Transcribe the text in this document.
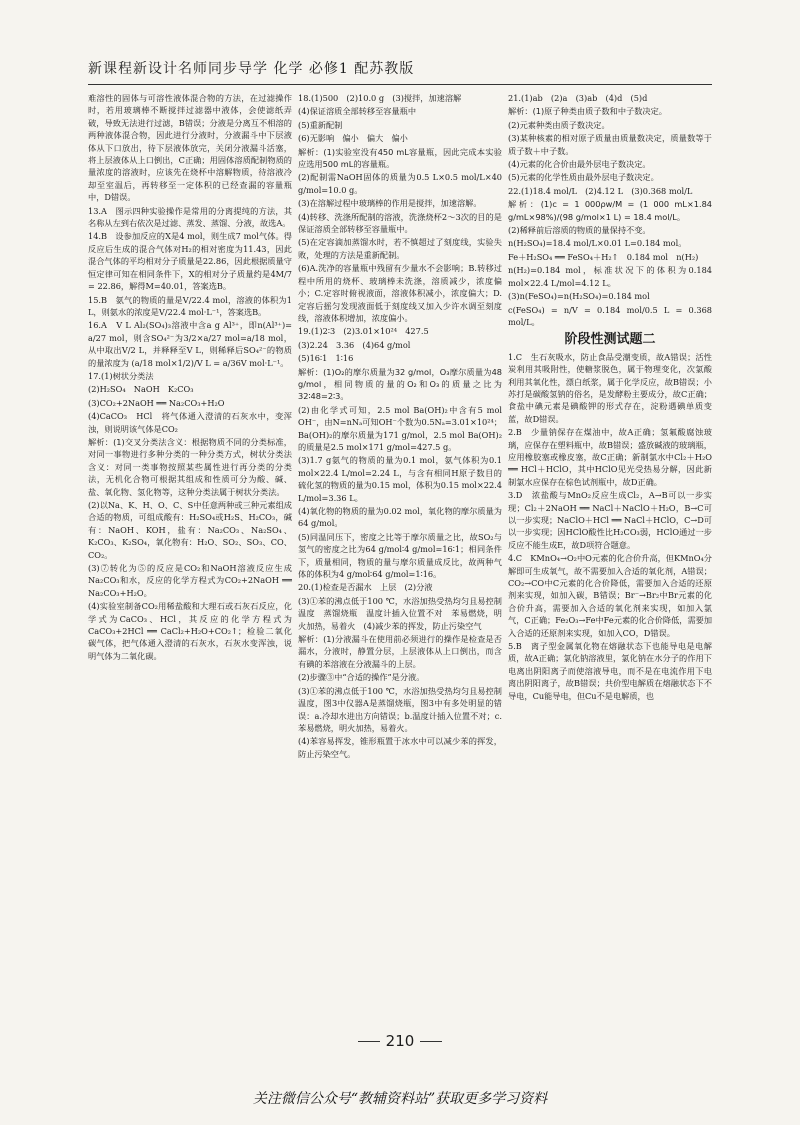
新课程新设计名师同步导学 化学 必修1 配苏教版

难溶性的固体与可溶性液体混合物的方法，在过滤操作时，若用玻璃棒不断搅拌过滤器中液体，会使滤纸弄破，导致无法进行过滤，B错误；分液是分离互不相溶的两种液体混合物，因此进行分液时，分液漏斗中下层液体从下口放出，待下层液体放完，关闭分液漏斗活塞，将上层液体从上口倒出，C正确；用固体溶质配制物质的量浓度的溶液时，应该先在烧杯中溶解物质，待溶液冷却至室温后，再转移至一定体积的已经查漏的容量瓶中，D错误。

13.A　图示四种实验操作是常用的分离提纯的方法，其名称从左到右依次是过滤、蒸发、蒸馏、分液，故选A。

14.B　设参加反应的X是4 mol，则生成7 mol气体。得反应后生成的混合气体对H₂的相对密度为11.43，因此混合气体的平均相对分子质量是22.86，因此根据质量守恒定律可知在相同条件下，X的相对分子质量约是4M/7 = 22.86，解得M=40.01，答案选B。

15.B　氨气的物质的量是V/22.4 mol，溶液的体积为1 L，则氨水的浓度是V/22.4 mol·L⁻¹，答案选B。

16.A　V L Al₂(SO₄)₃溶液中含a g Al³⁺，即n(Al³⁺)= a/27 mol，则含SO₄²⁻为3/2×a/27 mol=a/18 mol，从中取出V/2 L，并释释至V L，则稀释后SO₄²⁻的物质的量浓度为 (a/18 mol×1/2)/V L = a/36V mol·L⁻¹。

17.(1)树状分类法

(2)H₂SO₄　NaOH　K₂CO₃

(3)CO₂+2NaOH ══ Na₂CO₃+H₂O

(4)CaCO₃　HCl　将气体通入澄清的石灰水中，变浑浊，则说明该气体是CO₂

解析：(1)交叉分类法含义：根据物质不同的分类标准，对同一事物进行多种分类的一种分类方式，树状分类法含义：对同一类事物按照某些属性进行再分类的分类法，无机化合物可根据其组成和性质可分为酸、碱、盐、氧化物、氢化物等，这种分类法属于树状分类法。

(2)以Na、K、H、O、C、S中任意两种或三种元素组成合适的物质，可组成酸有：H₂SO₄或H₂S、H₂CO₃，碱有：NaOH、KOH，盐有：Na₂CO₃、Na₂SO₄、K₂CO₃、K₂SO₄，氧化物有：H₂O、SO₂、SO₃、CO、CO₂。

(3)⑦转化为⑤的反应是CO₂和NaOH溶液反应生成Na₂CO₃和水，反应的化学方程式为CO₂+2NaOH ══ Na₂CO₃+H₂O。

(4)实验室制备CO₂用稀盐酸和大理石或石灰石反应，化学式为CaCO₃、HCl，其反应的化学方程式为CaCO₃+2HCl ══ CaCl₂+H₂O+CO₂↑；检验二氧化碳气体，把气体通入澄清的石灰水，石灰水变浑浊，说明气体为二氧化碳。

18.(1)500　(2)10.0 g　(3)搅拌，加速溶解

(4)保证溶质全部转移至容量瓶中

(5)重新配制

(6)无影响　偏小　偏大　偏小

解析：(1)实验室没有450 mL容量瓶，因此完成本实验应选用500 mL的容量瓶。

(2)配制需NaOH固体的质量为0.5 L×0.5 mol/L×40 g/mol=10.0 g。

(3)在溶解过程中玻璃棒的作用是搅拌，加速溶解。

(4)转移、洗涤所配制的溶液，洗涤烧杯2～3次的目的是保证溶质全部转移至容量瓶中。

(5)在定容滴加蒸馏水时，若不慎超过了刻度线，实验失败，处理的方法是重新配制。

(6)A.洗净的容量瓶中残留有少量水不会影响；B.转移过程中所用的烧杯、玻璃棒未洗涤，溶质减少，浓度偏小；C.定容时俯视液面，溶液体积减小，浓度偏大；D.定容后摇匀发现液面低于刻度线又加入少许水调至刻度线，溶液体积增加，浓度偏小。

19.(1)2∶3　(2)3.01×10²⁴　427.5

(3)2.24　3.36　(4)64 g/mol

(5)16∶1　1∶16

解析：(1)O₂的摩尔质量为32 g/mol，O₃摩尔质量为48 g/mol，相同物质的量的O₂和O₃的质量之比为32∶48=2∶3。

(2)由化学式可知，2.5 mol Ba(OH)₂中含有5 mol OH⁻，由N=nNₐ可知OH⁻个数为0.5Nₐ=3.01×10²⁴；Ba(OH)₂的摩尔质量为171 g/mol，2.5 mol Ba(OH)₂的质量是2.5 mol×171 g/mol=427.5 g。

(3)1.7 g氨气的物质的量为0.1 mol，氨气体积为0.1 mol×22.4 L/mol=2.24 L，与含有相同H原子数目的硫化氢的物质的量为0.15 mol，体积为0.15 mol×22.4 L/mol=3.36 L。

(4)氧化物的物质的量为0.02 mol，氧化物的摩尔质量为64 g/mol。

(5)同温同压下，密度之比等于摩尔质量之比，故SO₂与氢气的密度之比为64 g/mol∶4 g/mol=16∶1；相同条件下，质量相同，物质的量与摩尔质量成反比，故两种气体的体积为4 g/mol∶64 g/mol=1∶16。

20.(1)检查是否漏水　上层　(2)分液

(3)①苯的沸点低于100 ℃，水浴加热受热均匀且易控制温度　蒸馏烧瓶　温度计插入位置不对　苯易燃烧，明火加热，易着火　(4)减少苯的挥发，防止污染空气

解析：(1)分液漏斗在使用前必须进行的操作是检查是否漏水，分液时，静置分层，上层液体从上口倒出，而含有碘的苯溶液在分液漏斗的上层。

(2)步骤③中“合适的操作”是分液。

(3)①苯的沸点低于100 ℃，水浴加热受热均匀且易控制温度，图3中仪器A是蒸馏烧瓶，图3中有多处明显的错误：a.冷却水进出方向错误；b.温度计插入位置不对；c.苯易燃烧，明火加热，易着火。

(4)苯容易挥发，锥形瓶置于冰水中可以减少苯的挥发，防止污染空气。

21.(1)ab　(2)a　(3)ab　(4)d　(5)d

解析：(1)原子种类由质子数和中子数决定。

(2)元素种类由质子数决定。

(3)某种核素的相对原子质量由质量数决定，质量数等于质子数＋中子数。

(4)元素的化合价由最外层电子数决定。

(5)元素的化学性质由最外层电子数决定。

22.(1)18.4 mol/L　(2)4.12 L　(3)0.368 mol/L

解析：(1)c = 1 000ρw/M = (1 000 mL×1.84 g/mL×98%)/(98 g/mol×1 L) = 18.4 mol/L。

(2)稀释前后溶质的物质的量保持不变。

n(H₂SO₄)=18.4 mol/L×0.01 L=0.184 mol。

Fe＋H₂SO₄ ══ FeSO₄＋H₂↑　0.184 mol　n(H₂)

n(H₂)=0.184 mol，标准状况下的体积为0.184 mol×22.4 L/mol=4.12 L。

(3)n(FeSO₄)=n(H₂SO₄)=0.184 mol

c(FeSO₄) = n/V = 0.184 mol/0.5 L = 0.368 mol/L。

阶段性测试题二

1.C　生石灰吸水，防止食品受潮变质，故A错误；活性炭利用其吸附性，使糖浆脱色，属于物理变化，次氯酸利用其氧化性，漂白纸浆，属于化学反应，故B错误；小苏打是碳酸氢钠的俗名，是发酵粉主要成分，故C正确；食盐中碘元素是碘酸钾的形式存在，淀粉遇碘单质变蓝，故D错误。

2.B　少量钠保存在煤油中，故A正确；氢氟酸腐蚀玻璃，应保存在塑料瓶中，故B错误；盛放碱液的玻璃瓶，应用橡胶塞或橡皮塞，故C正确；新制氯水中Cl₂＋H₂O ══ HCl＋HClO，其中HClO见光受热易分解，因此新制氯水应保存在棕色试剂瓶中，故D正确。

3.D　浓盐酸与MnO₂反应生成Cl₂，A→B可以一步实现；Cl₂＋2NaOH ══ NaCl＋NaClO＋H₂O，B→C可以一步实现；NaClO＋HCl ══ NaCl＋HClO，C→D可以一步实现；因HClO酸性比H₂CO₃弱，HClO通过一步反应不能生成E，故D项符合题意。

4.C　KMnO₄→O₂中O元素的化合价升高，但KMnO₄分解即可生成氧气，故不需要加入合适的氧化剂，A错误；CO₂→CO中C元素的化合价降低，需要加入合适的还原剂来实现，如加入碳，B错误；Br⁻→Br₂中Br元素的化合价升高，需要加入合适的氧化剂来实现，如加入氯气，C正确；Fe₂O₃→Fe中Fe元素的化合价降低，需要加入合适的还原剂来实现，如加入CO，D错误。

5.B　离子型金属氧化物在熔融状态下也能导电是电解质，故A正确；氯化钠溶液里，氯化钠在水分子的作用下电离出阴阳离子而使溶液导电，而不是在电流作用下电离出阴阳离子，故B错误；共价型电解质在熔融状态下不导电，Cu能导电，但Cu不是电解质，也

210
关注微信公众号“教辅资料站”获取更多学习资料
